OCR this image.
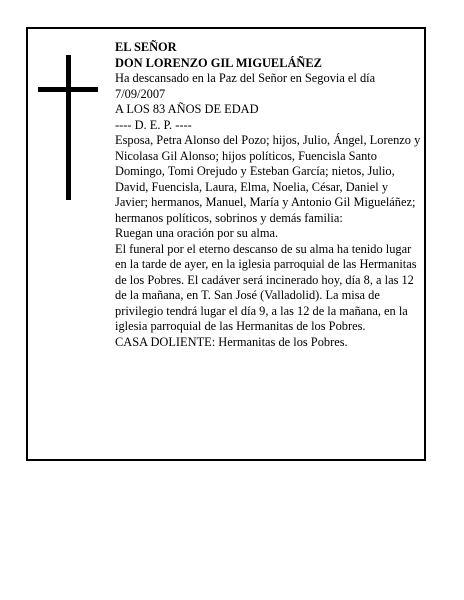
EL SEÑOR

DON LORENZO GIL MIGUELÁÑEZ

Ha descansado en la Paz del Señor en Segovia el día 7/09/2007

A LOS 83 AÑOS DE EDAD

---- D. E. P. ----

Esposa, Petra Alonso del Pozo; hijos, Julio, Ángel, Lorenzo y Nicolasa Gil Alonso; hijos políticos, Fuencisla Santo Domingo, Tomi Orejudo y Esteban García; nietos, Julio, David, Fuencisla, Laura, Elma, Noelia, César, Daniel y Javier; hermanos, Manuel, María y Antonio Gil Migueláñez; hermanos políticos, sobrinos y demás familia:

Ruegan una oración por su alma.

El funeral por el eterno descanso de su alma ha tenido lugar en la tarde de ayer, en la iglesia parroquial de las Hermanitas de los Pobres. El cadáver será incinerado hoy, día 8, a las 12 de la mañana, en T. San José (Valladolid). La misa de privilegio tendrá lugar el día 9, a las 12 de la mañana, en la iglesia parroquial de las Hermanitas de los Pobres.

CASA DOLIENTE: Hermanitas de los Pobres.
